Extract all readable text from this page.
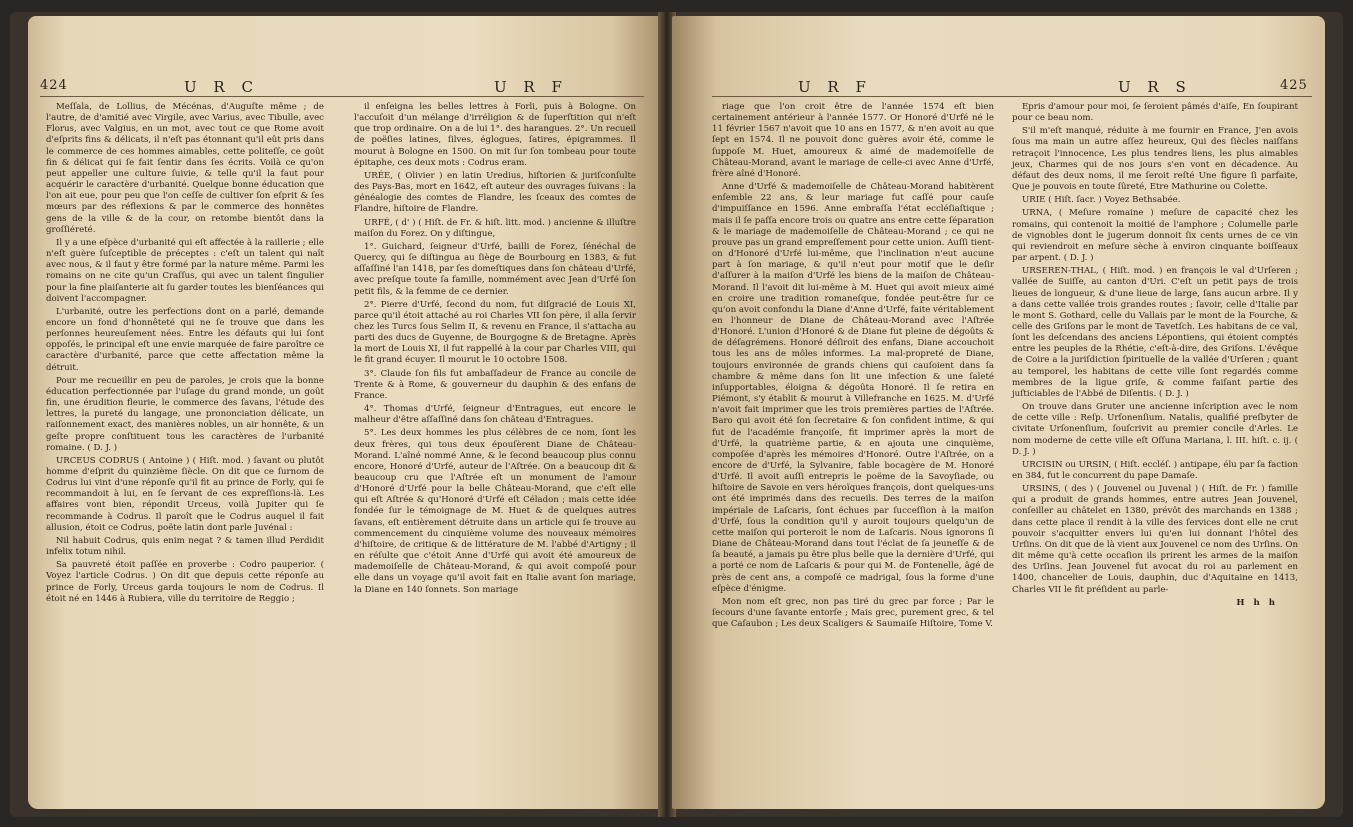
424	U R C	U R F

Meſſala, de Lollius, de Mécénas, d'Auguſte même ; de l'autre, de d'amitié avec Virgile, avec Varius, avec Tibulle, avec Florus, avec Valgius, en un mot, avec tout ce que Rome avoit d'eſprits fins & délicats, il n'eſt pas étonnant qu'il eût pris dans le commerce de ces hommes aimables, cette politeſſe, ce goût fin & délicat qui ſe fait ſentir dans ſes écrits. Voilà ce qu'on peut appeller une culture ſuivie, & telle qu'il la faut pour acquérir le caractère d'urbanité. Quelque bonne éducation que l'on ait eue, pour peu que l'on ceſſe de cultiver ſon eſprit & ſes mœurs par des réflexions & par le commerce des honnêtes gens de la ville & de la cour, on retombe bientôt dans la groſſiéreté.

Il y a une eſpèce d'urbanité qui eſt affectée à la raillerie ; elle n'eſt guère ſuſceptible de préceptes : c'eſt un talent qui naît avec nous, & il faut y être formé par la nature même. Parmi les romains on ne cite qu'un Craſſus, qui avec un talent ſingulier pour la fine plaiſanterie ait ſu garder toutes les bienſéances qui doivent l'accompagner.

L'urbanité, outre les perfections dont on a parlé, demande encore un fond d'honnêteté qui ne ſe trouve que dans les perſonnes heureuſement nées. Entre les défauts qui lui ſont oppoſés, le principal eſt une envie marquée de faire paroître ce caractère d'urbanité, parce que cette affectation même la détruit.

Pour me recueillir en peu de paroles, je crois que la bonne éducation perfectionnée par l'uſage du grand monde, un goût fin, une érudition fleurie, le commerce des ſavans, l'étude des lettres, la pureté du langage, une prononciation délicate, un raiſonnement exact, des manières nobles, un air honnête, & un geſte propre conſtituent tous les caractères de l'urbanité romaine. ( D. J. )

URCEUS CODRUS ( Antoine ) ( Hiſt. mod. ) ſavant ou plutôt homme d'eſprit du quinzième ſiècle. On dit que ce ſurnom de Codrus lui vint d'une réponſe qu'il fit au prince de Forly, qui ſe recommandoit à lui, en ſe ſervant de ces expreſſions-là. Les affaires vont bien, répondit Urceus, voilà Jupiter qui ſe recommande à Codrus. Il paroît que le Codrus auquel il fait allusion, étoit ce Codrus, poëte latin dont parle Juvénal :

Nil habuit Codrus, quis enim negat ? & tamen illud Perdidit infelix totum nihil.

Sa pauvreté étoit paſſée en proverbe : Codro pauperior. ( Voyez l'article Codrus. ) On dit que depuis cette réponſe au prince de Forly, Urceus garda toujours le nom de Codrus. Il étoit né en 1446 à Rubiera, ville du territoire de Reggio ;

il enſeigna les belles lettres à Forli, puis à Bologne. On l'accuſoit d'un mélange d'irréligion & de ſuperſtition qui n'eſt que trop ordinaire. On a de lui 1°. des harangues. 2°. Un recueil de poëſies latines, ſilves, églogues, ſatires, épigrammes. Il mourut à Bologne en 1500. On mit ſur ſon tombeau pour toute épitaphe, ces deux mots : Codrus eram.

URÉE, ( Olivier ) en latin Uredius, hiſtorien & juriſconſulte des Pays-Bas, mort en 1642, eſt auteur des ouvrages ſuivans : la généalogie des comtes de Flandre, les ſceaux des comtes de Flandre, hiſtoire de Flandre.

URFÉ, ( d' ) ( Hiſt. de Fr. & hiſt. litt. mod. ) ancienne & illuſtre maiſon du Forez. On y diſtingue,

1°. Guichard, ſeigneur d'Urfé, bailli de Forez, ſénéchal de Quercy, qui ſe diſtingua au ſiège de Bourbourg en 1383, & fut aſſaſſiné l'an 1418, par ſes domeſtiques dans ſon château d'Urfé, avec preſque toute ſa famille, nommément avec Jean d'Urfé ſon petit fils, & la femme de ce dernier.

2°. Pierre d'Urfé, ſecond du nom, fut diſgracié de Louis XI, parce qu'il étoit attaché au roi Charles VII ſon père, il alla ſervir chez les Turcs ſous Selim II, & revenu en France, il s'attacha au parti des ducs de Guyenne, de Bourgogne & de Bretagne. Après la mort de Louis XI, il fut rappellé à la cour par Charles VIII, qui le fit grand écuyer. Il mourut le 10 octobre 1508.

3°. Claude ſon fils fut ambaſſadeur de France au concile de Trente & à Rome, & gouverneur du dauphin & des enfans de France.

4°. Thomas d'Urfé, ſeigneur d'Entragues, eut encore le malheur d'être aſſaſſiné dans ſon château d'Entragues.

5°. Les deux hommes les plus célèbres de ce nom, ſont les deux frères, qui tous deux épouſèrent Diane de Château-Morand. L'aîné nommé Anne, & le ſecond beaucoup plus connu encore, Honoré d'Urfé, auteur de l'Aſtrée. On a beaucoup dit & beaucoup cru que l'Aſtrée eſt un monument de l'amour d'Honoré d'Urfé pour la belle Château-Morand, que c'eſt elle qui eſt Aſtrée & qu'Honoré d'Urfé eſt Céladon ; mais cette idée fondée ſur le témoignage de M. Huet & de quelques autres ſavans, eſt entièrement détruite dans un article qui ſe trouve au commencement du cinquième volume des nouveaux mémoires d'hiſtoire, de critique & de littérature de M. l'abbé d'Artigny ; il en réſulte que c'étoit Anne d'Urfé qui avoit été amoureux de mademoiſelle de Château-Morand, & qui avoit compoſé pour elle dans un voyage qu'il avoit fait en Italie avant ſon mariage, la Diane en 140 ſonnets. Son mariage

U R F	U R S	425

riage que l'on croit être de l'année 1574 eſt bien certainement antérieur à l'année 1577. Or Honoré d'Urfé né le 11 février 1567 n'avoit que 10 ans en 1577, & n'en avoit au que ſept en 1574. Il ne pouvoit donc guères avoir été, comme le ſuppoſe M. Huet, amoureux & aimé de mademoiſelle de Château-Morand, avant le mariage de celle-ci avec Anne d'Urfé, frère aîné d'Honoré.

Anne d'Urfé & mademoiſelle de Château-Morand habitèrent enſemble 22 ans, & leur mariage fut caſſé pour cauſe d'impuiſſance en 1596. Anne embraſſa l'état eccléſiaſtique ; mais il ſe paſſa encore trois ou quatre ans entre cette ſéparation & le mariage de mademoiſelle de Château-Morand ; ce qui ne prouve pas un grand empreſſement pour cette union. Auſſi tient-on d'Honoré d'Urfé lui-même, que l'inclination n'eut aucune part à ſon mariage, & qu'il n'eut pour motif que le deſir d'aſſurer à la maiſon d'Urfé les biens de la maiſon de Château-Morand. Il l'avoit dit lui-même à M. Huet qui avoit mieux aimé en croire une tradition romaneſque, fondée peut-être ſur ce qu'on avoit confondu la Diane d'Anne d'Urfé, faite véritablement en l'honneur de Diane de Château-Morand avec l'Aſtrée d'Honoré. L'union d'Honoré & de Diane fut pleine de dégoûts & de déſagrémens. Honoré déſiroit des enfans, Diane accouchoit tous les ans de môles informes. La mal-propreté de Diane, toujours environnée de grands chiens qui cauſoient dans ſa chambre & même dans ſon lit une infection & une ſaleté inſupportables, éloigna & dégoûta Honoré. Il ſe retira en Piémont, s'y établit & mourut à Villefranche en 1625. M. d'Urfé n'avoit fait imprimer que les trois premières parties de l'Aſtrée. Baro qui avoit été ſon ſecretaire & ſon confident intime, & qui fut de l'académie françoiſe, fit imprimer après la mort de d'Urfé, la quatrième partie, & en ajouta une cinquième, compoſée d'après les mémoires d'Honoré. Outre l'Aſtrée, on a encore de d'Urfé, la Sylvanire, fable bocagère de M. Honoré d'Urfé. Il avoit auſſi entrepris le poëme de la Savoyſiade, ou hiſtoire de Savoie en vers héroïques françois, dont quelques-uns ont été imprimés dans des recueils. Des terres de la maiſon impériale de Laſcaris, ſont échues par ſucceſſion à la maiſon d'Urfé, ſous la condition qu'il y auroit toujours quelqu'un de cette maiſon qui porteroit le nom de Laſcaris. Nous ignorons ſi Diane de Château-Morand dans tout l'éclat de ſa jeuneſſe & de ſa beauté, a jamais pu être plus belle que la dernière d'Urfé, qui a porté ce nom de Laſcaris & pour qui M. de Fontenelle, âgé de près de cent ans, a compoſé ce madrigal, ſous la forme d'une eſpèce d'énigme.

Mon nom eſt grec, non pas tiré du grec par force ; Par le ſecours d'une ſavante entorſe ; Mais grec, purement grec, & tel que Caſaubon ; Les deux Scaligers & Saumaiſe Hiſtoire, Tome V.

Epris d'amour pour moi, ſe ſeroient pâmés d'aiſe, En ſoupirant pour ce beau nom.

S'il m'eſt manqué, réduite à me fournir en France, J'en avois ſous ma main un autre aſſez heureux, Qui des ſiècles naiſſans retraçoit l'innocence, Les plus tendres liens, les plus aimables jeux, Charmes qui de nos jours s'en vont en décadence. Au défaut des deux noms, il me ſeroit reſté Une figure ſi parfaite, Que je pouvois en toute ſûreté, Etre Mathurine ou Colette.

URIE ( Hiſt. ſacr. ) Voyez Bethsabée.

URNA, ( Meſure romaine ) meſure de capacité chez les romains, qui contenoit la moitié de l'amphore ; Columelle parle de vignobles dont le jugerum donnoit ſix cents urnes de ce vin qui reviendroit en meſure sèche à environ cinquante boiſſeaux par arpent. ( D. J. )

URSEREN-THAL, ( Hiſt. mod. ) en françois le val d'Urſeren ; vallée de Suiſſe, au canton d'Uri. C'eſt un petit pays de trois lieues de longueur, & d'une lieue de large, ſans aucun arbre. Il y a dans cette vallée trois grandes routes ; ſavoir, celle d'Italie par le mont S. Gothard, celle du Vallais par le mont de la Fourche, & celle des Griſons par le mont de Tavetſch. Les habitans de ce val, ſont les deſcendans des anciens Lépontiens, qui étoient comptés entre les peuples de la Rhétie, c'eſt-à-dire, des Griſons. L'évêque de Coire a la juriſdiction ſpirituelle de la vallée d'Urſeren ; quant au temporel, les habitans de cette ville ſont regardés comme membres de la ligue griſe, & comme faiſant partie des juſticiables de l'Abbé de Diſentis. ( D. J. )

On trouve dans Gruter une ancienne inſcription avec le nom de cette ville : Reſp. Urſonenſium. Natalis, qualifié preſbyter de civitate Urſonenſium, ſouſcrivit au premier concile d'Arles. Le nom moderne de cette ville eſt Oſſuna Mariana, l. III. hiſt. c. ij. ( D. J. )

URCISIN ou URSIN, ( Hiſt. eccléſ. ) antipape, élu par ſa faction en 384, fut le concurrent du pape Damaſe.

URSINS, ( des ) ( Jouvenel ou Juvenal ) ( Hiſt. de Fr. ) famille qui a produit de grands hommes, entre autres Jean Jouvenel, conſeiller au châtelet en 1380, prévôt des marchands en 1388 ; dans cette place il rendit à la ville des ſervices dont elle ne crut pouvoir s'acquitter envers lui qu'en lui donnant l'hôtel des Urſins. On dit que de là vient aux Jouvenel ce nom des Urſins. On dit même qu'à cette occaſion ils prirent les armes de la maiſon des Urſins. Jean Jouvenel fut avocat du roi au parlement en 1400, chancelier de Louis, dauphin, duc d'Aquitaine en 1413, Charles VII le fit préſident au parle-

H h h
